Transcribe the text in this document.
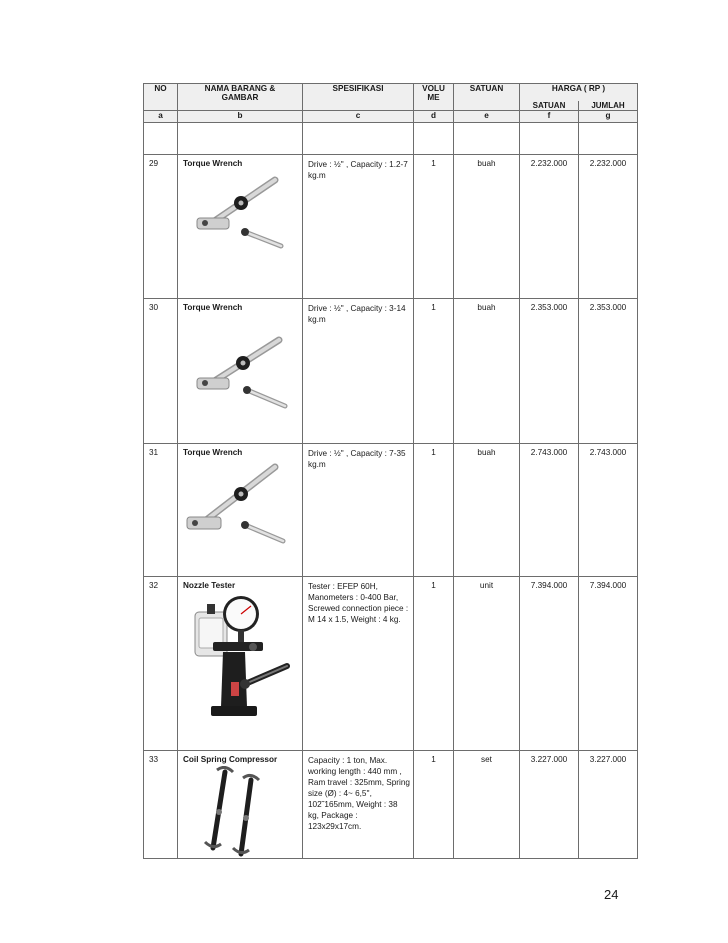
NO	NAMA BARANG & GAMBAR	SPESIFIKASI	VOLU ME	SATUAN	HARGA ( RP )	
					SATUAN	JUMLAH
a	b	c	d	e	f	g

29	Torque Wrench	Drive : ½" , Capacity : 1.2-7 kg.m	1	buah	2.232.000	2.232.000
30	Torque Wrench	Drive : ½" , Capacity : 3-14 kg.m	1	buah	2.353.000	2.353.000
31	Torque Wrench	Drive : ½" , Capacity : 7-35 kg.m	1	buah	2.743.000	2.743.000
32	Nozzle Tester	Tester : EFEP 60H, Manometers : 0-400 Bar, Screwed connection piece : M 14 x 1.5, Weight : 4 kg.	1	unit	7.394.000	7.394.000
33	Coil Spring Compressor	Capacity : 1 ton, Max. working length : 440 mm , Ram travel : 325mm, Spring size (Ø) : 4~ 6,5'', 102˜165mm, Weight : 38 kg, Package : 123x29x17cm.	1	set	3.227.000	3.227.000
24
